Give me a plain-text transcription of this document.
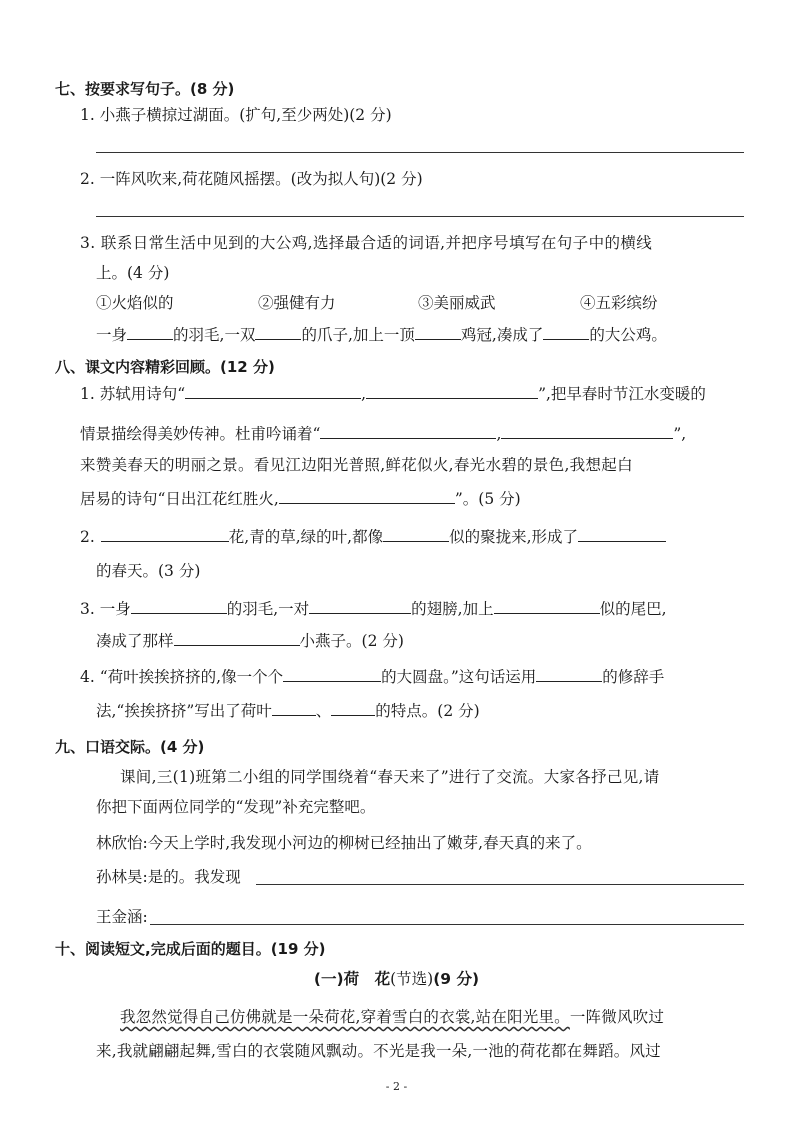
七、按要求写句子。(8 分)
1. 小燕子横掠过湖面。(扩句,至少两处)(2 分)
2. 一阵风吹来,荷花随风摇摆。(改为拟人句)(2 分)
3. 联系日常生活中见到的大公鸡,选择最合适的词语,并把序号填写在句子中的横线
上。(4 分)
①火焰似的	②强健有力	③美丽威武	④五彩缤纷
一身	的羽毛,一双	的爪子,加上一顶	鸡冠,凑成了	的大公鸡。
八、课文内容精彩回顾。(12 分)
1. 苏轼用诗句“	,	”,把早春时节江水变暖的
情景描绘得美妙传神。杜甫吟诵着“	,	”,
来赞美春天的明丽之景。看见江边阳光普照,鲜花似火,春光水碧的景色,我想起白
居易的诗句“日出江花红胜火,	”。(5 分)
2.	花,青的草,绿的叶,都像	似的聚拢来,形成了
的春天。(3 分)
3. 一身	的羽毛,一对	的翅膀,加上	似的尾巴,
凑成了那样	小燕子。(2 分)
4. “荷叶挨挨挤挤的,像一个个	的大圆盘。”这句话运用	的修辞手
法,“挨挨挤挤”写出了荷叶	、	的特点。(2 分)
九、口语交际。(4 分)
课间,三(1)班第二小组的同学围绕着“春天来了”进行了交流。大家各抒己见,请
你把下面两位同学的“发现”补充完整吧。
林欣怡:今天上学时,我发现小河边的柳树已经抽出了嫩芽,春天真的来了。
孙林昊:是的。我发现
王金涵:
十、阅读短文,完成后面的题目。(19 分)
(一)荷　花(节选)(9 分)
我忽然觉得自己仿佛就是一朵荷花,穿着雪白的衣裳,站在阳光里。一阵微风吹过
来,我就翩翩起舞,雪白的衣裳随风飘动。不光是我一朵,一池的荷花都在舞蹈。风过
- 2 -
